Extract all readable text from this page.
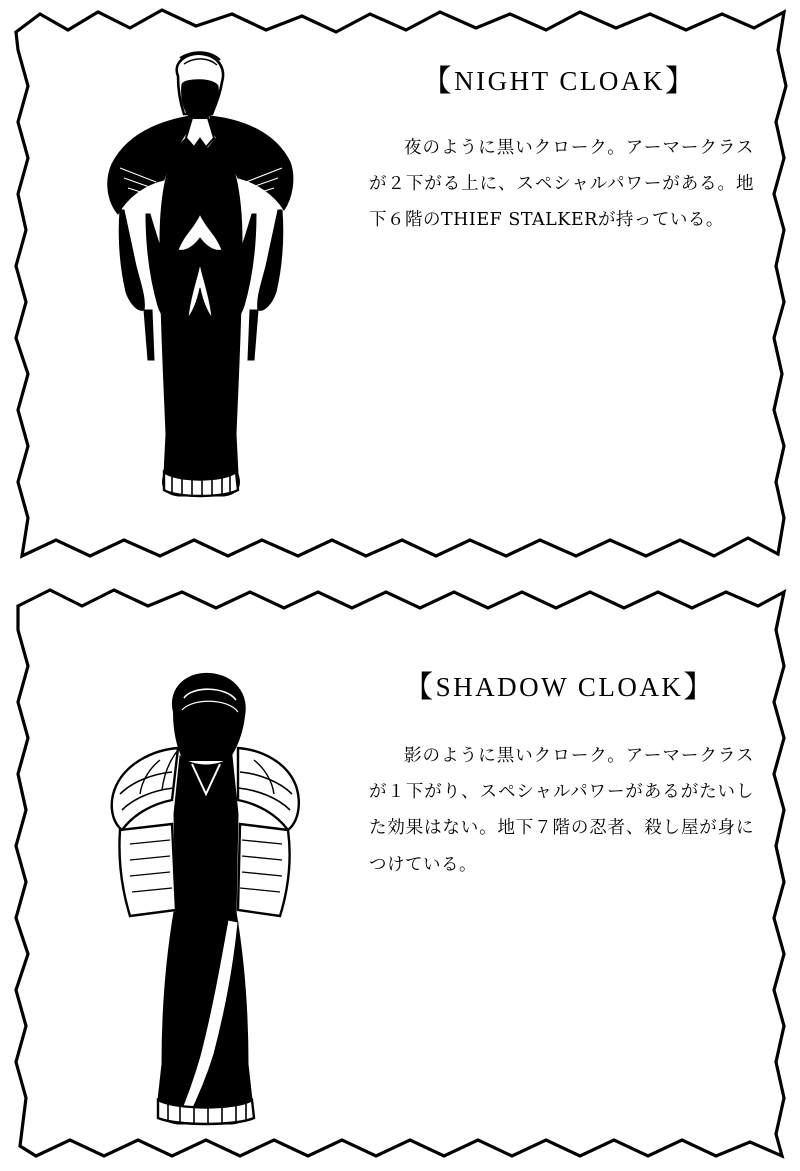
【NIGHT CLOAK】

夜のように黒いクローク。アーマークラスが２下がる上に、スペシャルパワーがある。地下６階のTHIEF STALKERが持っている。

【SHADOW CLOAK】

影のように黒いクローク。アーマークラスが１下がり、スペシャルパワーがあるがたいした効果はない。地下７階の忍者、殺し屋が身につけている。
